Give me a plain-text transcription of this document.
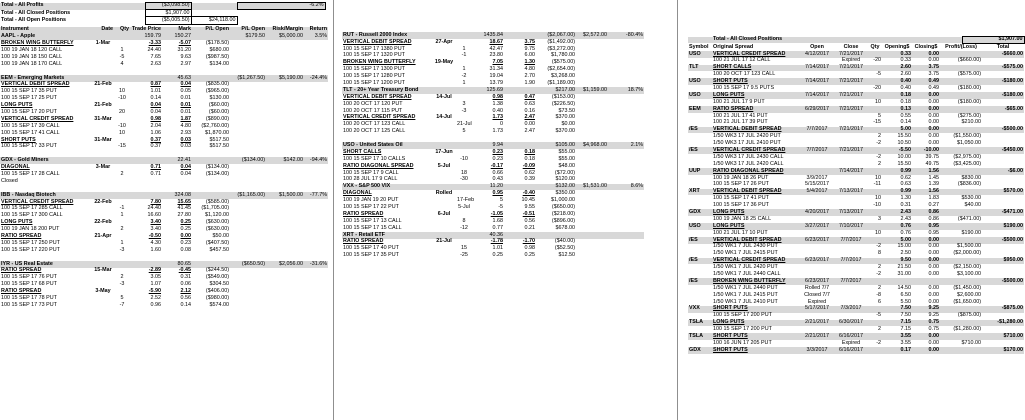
Total - All Profits	($3,098.50)		-6.2%
Total - All Closed Positions	$1,907.00		
Total - All Open Positions	($5,005.50)	$24,118.00	
Instrument	Date	Qty	Trade Price	Mark	P/L Open	P/L Open	Risk/Margin	Return
AAPL - Apple			159.79	150.27		$179.50	$5,000.00	3.5%
BROKEN WING BUTTERFLY	1-Mar		-3.33	-5.07	($178.50)			
100 19 JAN 18 120 CALL		1	24.40	31.20	$680.00			
100 19 JAN 18 150 CALL		-5	7.65	9.63	($987.50)			
100 19 JAN 18 170 CALL		4	2.63	2.97	$134.00			

EEM - Emerging Markets				45.63		($1,267.50)	$5,190.00	-24.4%
VERTICAL DEBIT SPREAD	21-Feb		0.87	0.04	($835.00)			
100 15 SEP 17 35 PUT		10	1.01	0.05	($965.00)			
100 15 SEP 17 25 PUT		-10	0.14	0.01	$130.00			
LONG PUTS	21-Feb		0.04	0.01	($60.00)			
100 15 SEP 17 20 PUT		20	0.04	0.01	($60.00)			
VERTICAL CREDIT SPREAD	31-Mar		0.98	1.87	($890.00)			
100 15 SEP 17 39 CALL		-10	2.04	4.80	($2,760.00)			
100 15 SEP 17 41 CALL		10	1.06	2.93	$1,870.00			
SHORT PUTS	31-Mar		0.37	0.03	$517.50			
100 15 SEP 17 33 PUT		-15	0.37	0.03	$517.50			

GDX - Gold Miners				22.41		($134.00)	$142.00	-94.4%
DIAGONAL	3-Mar		0.71	0.04	($134.00)			
100 15 SEP 17 28 CALL		2	0.71	0.04	($134.00)			
Closed								

IBB - Nasdaq Biotech				324.08		($1,165.00)	$1,500.00	-77.7%
VERTICAL CREDIT SPREAD	22-Feb		7.80	15.65	($585.00)			
100 15 SEP 17 285 CALL		-1	24.40	41.45	($1,705.00)			
100 15 SEP 17 300 CALL		1	16.60	27.80	$1,120.00			
LONG PUTS	22-Feb		3.40	0.25	($630.00)			
100 19 JAN 18 200 PUT		2	3.40	0.25	($630.00)			
RATIO SPREAD	21-Apr		-0.50	0.00	$50.00			
100 15 SEP 17 250 PUT		1	4.30	0.23	($407.50)			
100 15 SEP 17 220 PUT		-3	1.60	0.08	$457.50			

IYR - US Real Estate				80.65		($650.50)	$2,056.00	-31.6%
RATIO SPREAD	15-Mar		-2.89	-0.45	($244.50)			
100 15 SEP 17 76 PUT		2	3.05	0.31	($549.00)			
100 15 SEP 17 68 PUT		-3	1.07	0.06	$304.50			
RATIO SPREAD	3-May		-5.90	2.12	($406.00)			
100 15 SEP 17 78 PUT		5	2.52	0.56	($980.00)			
100 15 SEP 17 73 PUT		-7	0.96	0.14	$574.00			
RUT - Russell 2000 Index			1435.84		($2,067.00)	$2,572.00	-80.4%	
VERTICAL DEBIT SPREAD	27-Apr		18.67	3.75	($1,492.00)			
100 15 SEP 17 1380 PUT		1	42.47	9.75	($3,272.00)			
100 15 SEP 17 1320 PUT		-1	23.80	6.00	$1,780.00			
BROKEN WING BUTTERFLY	19-May		7.05	1.30	($575.00)			
100 15 SEP 17 1300 PUT		1	31.34	4.80	($2,654.00)			
100 15 SEP 17 1280 PUT		-2	19.04	2.70	$3,268.00			
100 15 SEP 17 1200 PUT		1	13.79	1.90	($1,189.00)			
TLT - 20+ Year Treasury Bond			125.69		$217.00	$1,159.00	18.7%	
VERTICAL DEBIT SPREAD	14-Jul		0.98	0.47	($153.00)			
100 20 OCT 17 120 PUT		3	1.38	0.63	($226.50)			
100 20 OCT 17 115 PUT		-3	0.40	0.16	$73.50			
VERTICAL CREDIT SPREAD	14-Jul		1.73	2.47	$370.00			
100 20 OCT 17 123 CALL		21-Jul	0	0.00	$0.00			
100 20 OCT 17 125 CALL		5	1.73	2.47	$370.00			

USO - United States Oil			9.94		$105.00	$4,968.00	2.1%	
SHORT CALLS	17-Jun		0.23	0.18	$55.00			
100 15 SEP 17 10 CALLS		-10	0.23	0.18	$55.00			
RATIO DIAGONAL SPREAD	5-Jul		-0.17	-0.09	$48.00			
100 15 SEP 17 9 CALL		18	0.66	0.62	($72.00)			
100 28 JUL 17 9 CALL		-30	0.43	0.39	$120.00			
VXX - S&P 500 VIX			11.20		$132.00	$1,531.00	8.6%	
DIAGONAL	Rolled		0.95	-0.40	$350.00			
100 19 JAN 19 20 PUT		17-Feb	5	10.45	$1,000.00			
100 15 SEP 17 22 PUT		5-Jul	-5	9.55	($650.00)			
RATIO SPREAD	6-Jul		-1.05	-0.51	($218.00)			
100 15 SEP 17 13 CALL		8	1.68	0.56	($896.00)			
100 15 SEP 17 15 CALL		-12	0.77	0.21	$678.00			
XRT - Retail ETF			40.36					
RATIO SPREAD	21-Jul		-1.78	-1.70	($40.00)			
100 15 SEP 17 40 PUT		15	1.01	0.98	($52.50)			
100 15 SEP 17 35 PUT		-25	0.25	0.25	$12.50			
	Total - All Closed Positions	$1,907.00
Symbol	Original Spread	Open	Close	Qty	Opening$	Closing$	Profit/(Loss)	Total
USO	VERTICAL CREDIT SPREAD	4/12/2017	7/21/2017		0.33	0.00		-$660.00
	100 21 JUL 17 12 CALL		Expired	-20	0.33	0.00	($660.00)	
TLT	SHORT CALLS	7/14/2017	7/21/2017		2.60	3.75		-$575.00
	100 20 OCT 17 123 CALL			-5	2.60	3.75	($575.00)	
USO	SHORT PUTS	7/14/2017	7/21/2017		0.40	0.49		-$180.00
	100 15 SEP 17 9.5 PUTS			-20	0.40	0.49	($180.00)	
USO	LONG PUTS	7/14/2017	7/21/2017		0.18	0.00		-$180.00
	100 21 JUL 17 9 PUT			10	0.18	0.00	($180.00)	
EEM	RATIO SPREAD	6/29/2017	7/21/2017		0.13	0.00		-$65.00
	100 21 JUL 17 41 PUT			5	0.55	0.00	($275.00)	
	100 21 JUL 17 39 PUT			-15	0.14	0.00	$210.00	
/ES	VERTICAL DEBIT SPREAD	7/7/2017	7/21/2017		5.00	0.00		-$500.00
	1/50 WK3 17 JUL 2420 PUT			2	15.50	0.00	($1,550.00)	
	1/50 WK3 17 JUL 2410 PUT			-2	10.50	0.00	$1,050.00	
/ES	VERTICAL CREDIT SPREAD	7/7/2017	7/21/2017		-5.50	-10.00		-$450.00
	1/50 WK3 17 JUL 2430 CALL			-2	10.00	39.75	($2,975.00)	
	1/50 WK3 17 JUL 2420 CALL			2	15.50	49.75	($3,425.00)	
UUP	RATIO DIAGONAL SPREAD		7/14/2017		0.99	1.56		-$6.00
	100 19 JAN 18 26 PUT	3/9/2017		10	0.62	1.45	$830.00	
	100 15 SEP 17 26 PUT	5/15/2017		-11	0.63	1.39	($836.00)	
XRT	VERTICAL DEBIT SPREAD	5/4/2017	7/13/2017		0.99	1.56		$570.00
	100 15 SEP 17 41 PUT			10	1.30	1.83	$530.00	
	100 15 SEP 17 36 PUT			-10	0.31	0.27	$40.00	
GDX	LONG PUTS	4/20/2017	7/13/2017		2.43	0.86		-$471.00
	100 19 JAN 18 25 CALL			3	2.43	0.86	($471.00)	
USO	LONG PUTS	3/27/2017	7/10/2017		0.76	0.95		$190.00
	100 21 JUL 17 10 PUT			10	0.76	0.95	$190.00	
/ES	VERTICAL DEBIT SPREAD	6/23/2017	7/7/2017		5.00	0.00		-$500.00
	1/50 WK1 7 JUL 2430 PUT			-2	15.00	0.00	$1,500.00	
	1/50 WK1 7 JUL 2415 PUT			8	2.50	0.00	($2,000.00)	
/ES	VERTICAL CREDIT SPREAD	6/23/2017	7/7/2017		9.50	0.00		$950.00
	1/50 WK1 7 JUL 2420 PUT			2	21.50	0.00	($2,150.00)	
	1/50 WK1 7 JUL 2440 CALL			-2	31.00	0.00	$3,100.00	
/ES	BROKEN WING BUTTERFLY	6/23/2017	7/7/2017					-$500.00
	1/50 WK1 7 JUL 2440 PUT	Rolled 7/7		2	14.50	0.00	($1,450.00)	
	1/50 WK1 7 JUL 2415 PUT	Closed 7/7		-8	6.50	0.00	$2,600.00	
	1/50 WK1 7 JUL 2410 PUT	Expired		6	5.50	0.00	($1,650.00)	
VXX	SHORT PUTS	5/17/2017	7/3/2017		7.50	9.25		-$875.00
	100 15 SEP 17 200 PUT			-5	7.50	9.25	($875.00)	
TSLA	LONG PUTS	2/21/2017	6/30/2017		7.15	0.75		-$1,280.00
	100 15 SEP 17 200 PUT			2	7.15	0.75	($1,280.00)	
TSLA	SHORT PUTS	2/21/2017	6/16/2017		3.55	0.00		$710.00
	100 16 JUN 17 205 PUT		Expired	-2	3.55	0.00	$710.00	
GDX	SHORT PUTS	3/3/2017	6/16/2017		0.17	0.00		$170.00
